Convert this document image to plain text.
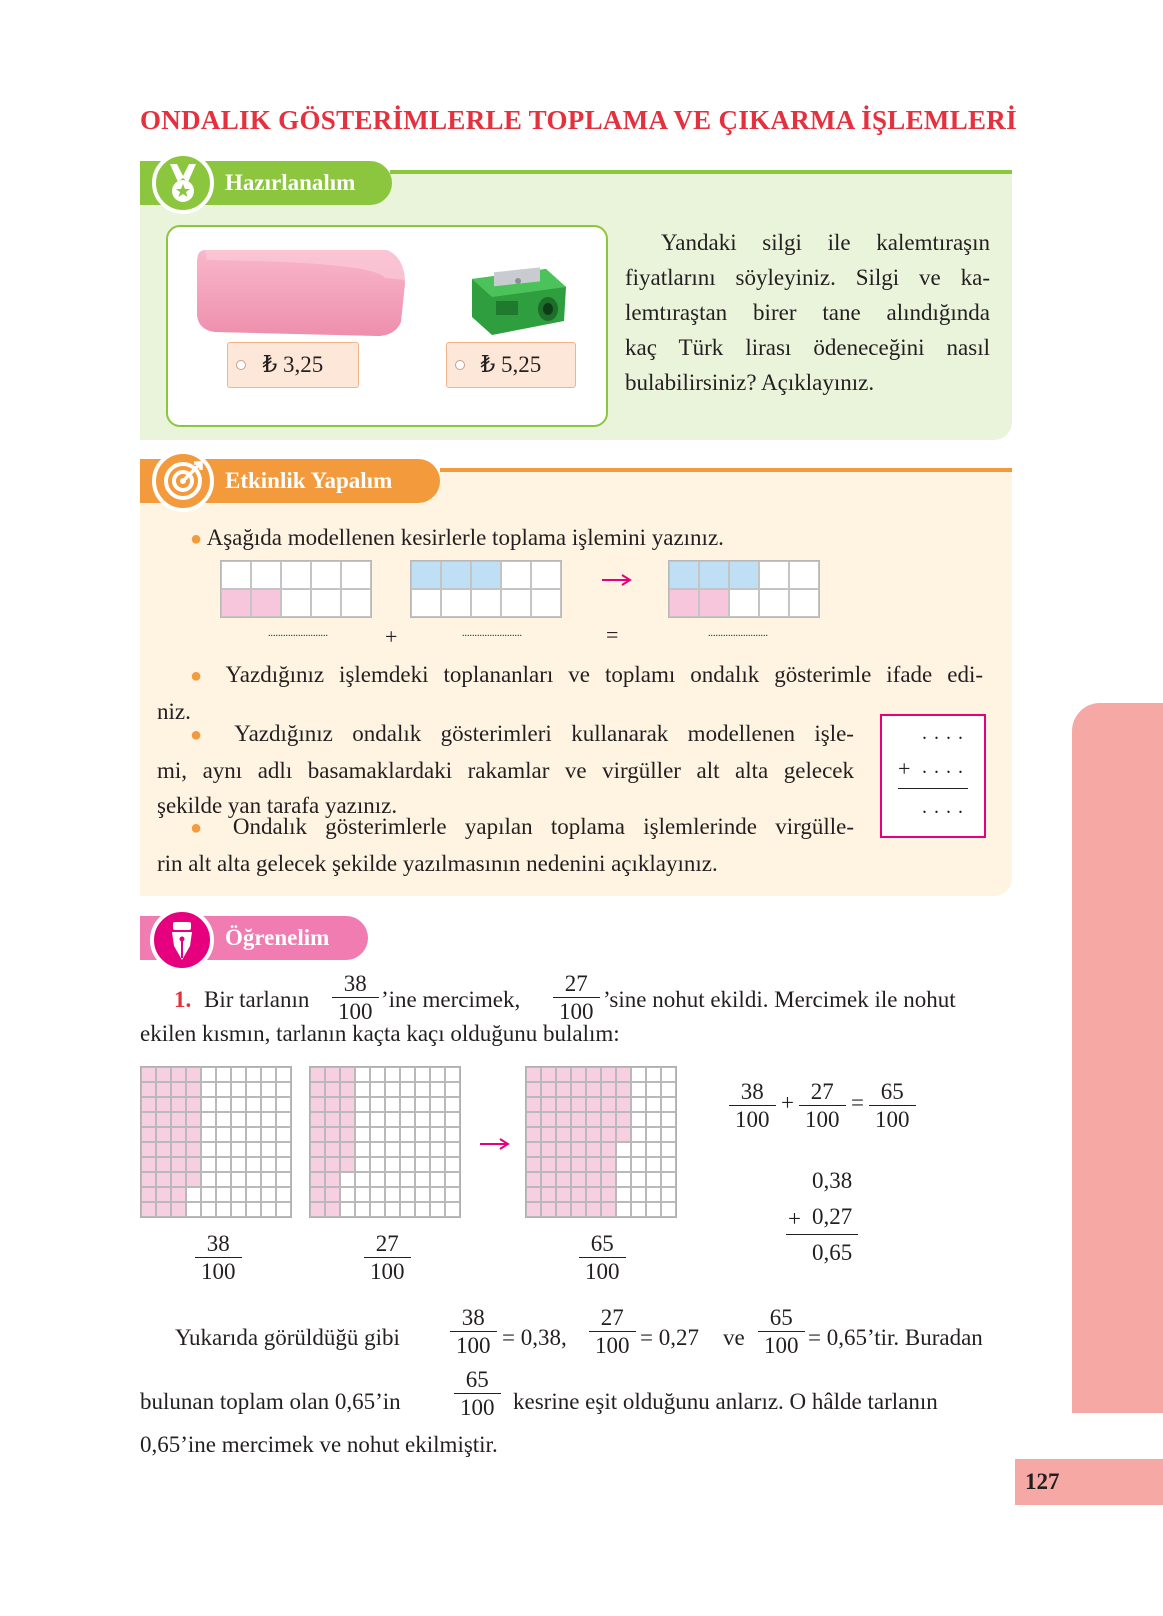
ONDALIK GÖSTERİMLERLE TOPLAMA VE ÇIKARMA İŞLEMLERİ
Hazırlanalım
₺ 3,25	₺ 5,25
Yandaki silgi ile kalemtıraşın
fiyatlarını söyleyiniz. Silgi ve ka-
lemtıraştan birer tane alındığında
kaç Türk lirası ödeneceğini nasıl
bulabilirsiniz? Açıklayınız.
Etkinlik Yapalım
● Aşağıda modellenen kesirlerle toplama işlemini yazınız.
........................	+	........................	=	........................
● Yazdığınız işlemdeki toplananları ve toplamı ondalık gösterimle ifade edi-
niz.
● Yazdığınız ondalık gösterimleri kullanarak modellenen işle-
mi, aynı adlı basamaklardaki rakamlar ve virgüller alt alta gelecek
şekilde yan tarafa yazınız.
● Ondalık gösterimlerle yapılan toplama işlemlerinde virgülle-
rin alt alta gelecek şekilde yazılmasının nedenini açıklayınız.
. . . .
+ . . . .
. . . .
Öğrenelim
1. Bir tarlanın $\frac{38}{100}$ ’ine mercimek, $\frac{27}{100}$ ’sine nohut ekildi. Mercimek ile nohut
ekilen kısmın, tarlanın kaçta kaçı olduğunu bulalım:
$\frac{38}{100}$	$\frac{27}{100}$	$\frac{65}{100}$
$\frac{38}{100} + \frac{27}{100} = \frac{65}{100}$
0,38
+ 0,27
0,65
Yukarıda görüldüğü gibi $\frac{38}{100} = 0,38$, $\frac{27}{100} = 0,27$ ve $\frac{65}{100}$ = 0,65’tir. Buradan
bulunan toplam olan 0,65’in $\frac{65}{100}$ kesrine eşit olduğunu anlarız. O hâlde tarlanın
0,65’ine mercimek ve nohut ekilmiştir.
127
